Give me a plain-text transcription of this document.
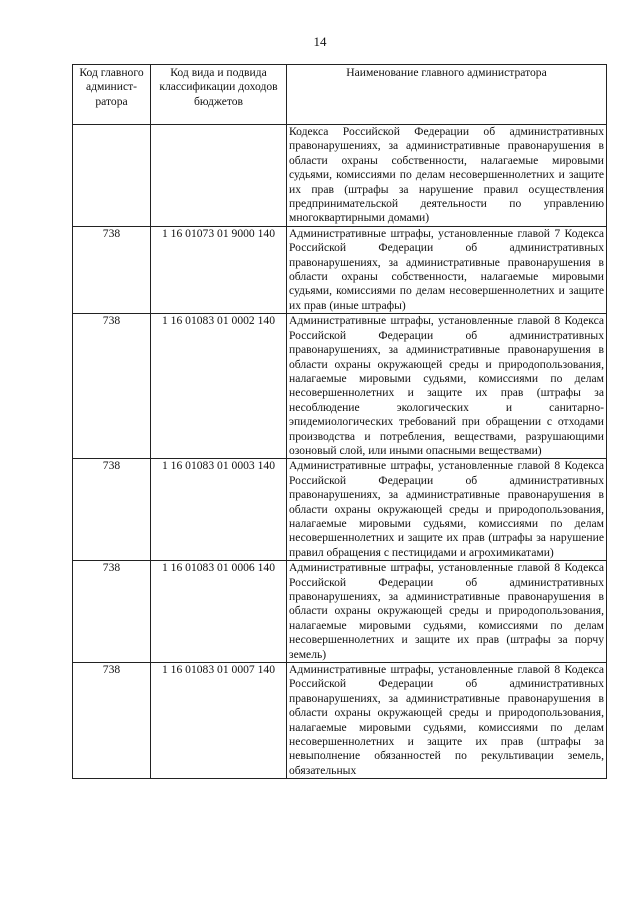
14
Код главного админист-ратора	Код вида и подвида классификации доходов бюджетов	Наименование главного администратора
		Кодекса Российской Федерации об административных правонарушениях, за административные правонарушения в области охраны собственности, налагаемые мировыми судьями, комиссиями по делам несовершеннолетних и защите их прав (штрафы за нарушение правил осуществления предпринимательской деятельности по управлению многоквартирными домами)
738	1 16 01073 01 9000 140	Административные штрафы, установленные главой 7 Кодекса Российской Федерации об административных правонарушениях, за административные правонарушения в области охраны собственности, налагаемые мировыми судьями, комиссиями по делам несовершеннолетних и защите их прав (иные штрафы)
738	1 16 01083 01 0002 140	Административные штрафы, установленные главой 8 Кодекса Российской Федерации об административных правонарушениях, за административные правонарушения в области охраны окружающей среды и природопользования, налагаемые мировыми судьями, комиссиями по делам несовершеннолетних и защите их прав (штрафы за несоблюдение экологических и санитарно-эпидемиологических требований при обращении с отходами производства и потребления, веществами, разрушающими озоновый слой, или иными опасными веществами)
738	1 16 01083 01 0003 140	Административные штрафы, установленные главой 8 Кодекса Российской Федерации об административных правонарушениях, за административные правонарушения в области охраны окружающей среды и природопользования, налагаемые мировыми судьями, комиссиями по делам несовершеннолетних и защите их прав (штрафы за нарушение правил обращения с пестицидами и агрохимикатами)
738	1 16 01083 01 0006 140	Административные штрафы, установленные главой 8 Кодекса Российской Федерации об административных правонарушениях, за административные правонарушения в области охраны окружающей среды и природопользования, налагаемые мировыми судьями, комиссиями по делам несовершеннолетних и защите их прав (штрафы за порчу земель)
738	1 16 01083 01 0007 140	Административные штрафы, установленные главой 8 Кодекса Российской Федерации об административных правонарушениях, за административные правонарушения в области охраны окружающей среды и природопользования, налагаемые мировыми судьями, комиссиями по делам несовершеннолетних и защите их прав (штрафы за невыполнение обязанностей по рекультивации земель, обязательных
